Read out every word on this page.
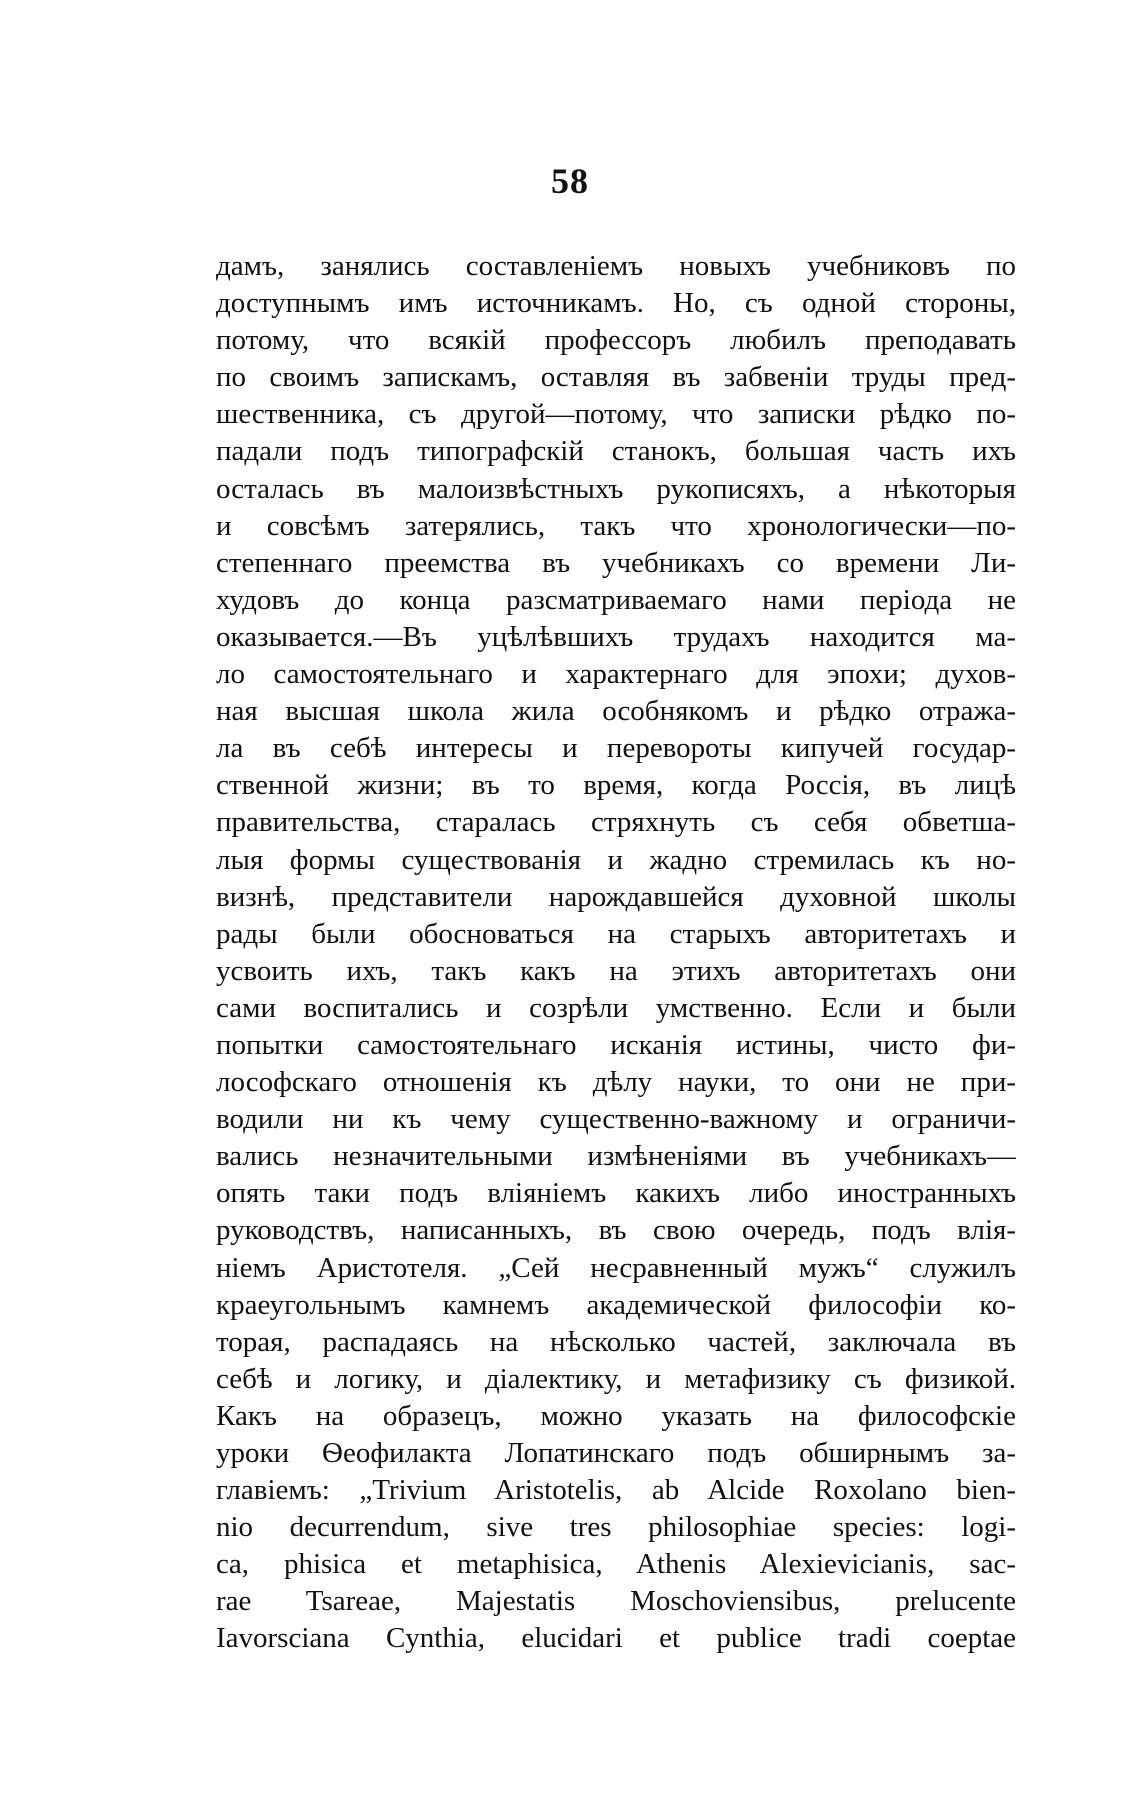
58
дамъ, занялись составленіемъ новыхъ учебниковъ по
доступнымъ имъ источникамъ. Но, съ одной стороны,
потому, что всякій профессоръ любилъ преподавать
по своимъ запискамъ, оставляя въ забвеніи труды пред-
шественника, съ другой—потому, что записки рѣдко по-
падали подъ типографскій станокъ, большая часть ихъ
осталась въ малоизвѣстныхъ рукописяхъ, а нѣкоторыя
и совсѣмъ затерялись, такъ что хронологически—по-
степеннаго преемства въ учебникахъ со времени Ли-
худовъ до конца разсматриваемаго нами періода не
оказывается.—Въ уцѣлѣвшихъ трудахъ находится ма-
ло самостоятельнаго и характернаго для эпохи; духов-
ная высшая школа жила особнякомъ и рѣдко отража-
ла въ себѣ интересы и перевороты кипучей государ-
ственной жизни; въ то время, когда Россія, въ лицѣ
правительства, старалась стряхнуть съ себя обветша-
лыя формы существованія и жадно стремилась къ но-
визнѣ, представители нарождавшейся духовной школы
рады были обосноваться на старыхъ авторитетахъ и
усвоить ихъ, такъ какъ на этихъ авторитетахъ они
сами воспитались и созрѣли умственно. Если и были
попытки самостоятельнаго исканія истины, чисто фи-
лософскаго отношенія къ дѣлу науки, то они не при-
водили ни къ чему существенно-важному и ограничи-
вались незначительными измѣненіями въ учебникахъ—
опять таки подъ вліяніемъ какихъ либо иностранныхъ
руководствъ, написанныхъ, въ свою очередь, подъ влія-
ніемъ Аристотеля. „Сей несравненный мужъ“ служилъ
краеугольнымъ камнемъ академической философіи ко-
торая, распадаясь на нѣсколько частей, заключала въ
себѣ и логику, и діалектику, и метафизику съ физикой.
Какъ на образецъ, можно указать на философскіе
уроки Ѳеофилакта Лопатинскаго подъ обширнымъ за-
главіемъ: „Trivium Aristotelis, ab Alcide Roxolano bien-
nio decurrendum, sive tres philosophiae species: logi-
ca, phisica et metaphisica, Athenis Alexievicianis, sac-
rae Tsareae, Majestatis Moschoviensibus, prelucente
Iavorsciana Cynthia, elucidari et publice tradi coeptae
